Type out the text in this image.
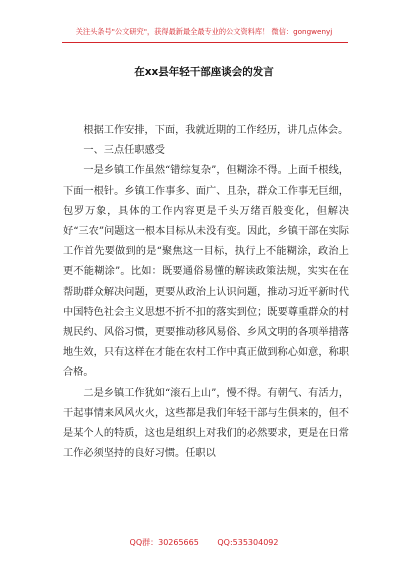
关注头条号"公文研究"，获得最新最全最专业的公文资料库！ 微信：gongwenyj
在xx县年轻干部座谈会的发言

根据工作安排，下面，我就近期的工作经历，讲几点体会。

一、三点任职感受

一是乡镇工作虽然“错综复杂”，但糊涂不得。上面千根线，下面一根针。乡镇工作事多、面广、且杂，群众工作事无巨细，包罗万象，具体的工作内容更是千头万绪百般变化，但解决好“三农”问题这一根本目标从未没有变。因此，乡镇干部在实际工作首先要做到的是“聚焦这一目标，执行上不能糊涂，政治上更不能糊涂”。比如：既要通俗易懂的解读政策法规，实实在在帮助群众解决问题，更要从政治上认识问题，推动习近平新时代中国特色社会主义思想不折不扣的落实到位；既要尊重群众的村规民约、风俗习惯，更要推动移风易俗、乡风文明的各项举措落地生效，只有这样在才能在农村工作中真正做到称心如意，称职合格。

二是乡镇工作犹如“滚石上山”，慢不得。有朝气、有活力，干起事情来风风火火，这些都是我们年轻干部与生俱来的，但不是某个人的特质，这也是组织上对我们的必然要求，更是在日常工作必须坚持的良好习惯。任职以

QQ群：30265665 QQ:535304092
